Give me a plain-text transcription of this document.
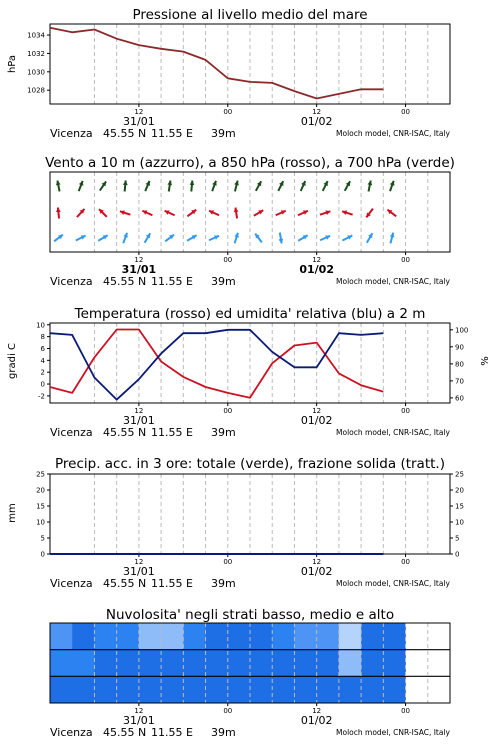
Pressione al livello medio del mare
12	00	12	00
31/01	01/02
Vicenza 45.55 N 11.55 E 39m	Moloch model, CNR-ISAC, Italy
1028
1030
1032
1034
hPa
Vento a 10 m (azzurro), a 850 hPa (rosso), a 700 hPa (verde)
12	00	12	00
31/01	01/02
Vicenza 45.55 N 11.55 E 39m	Moloch model, CNR-ISAC, Italy
Temperatura (rosso) ed umidita' relativa (blu) a 2 m
12	00	12	00
31/01	01/02
Vicenza 45.55 N 11.55 E 39m	Moloch model, CNR-ISAC, Italy
-2
0
2
4
6
8
10
60
70
80
90
100
gradi C	%
Precip. acc. in 3 ore: totale (verde), frazione solida (tratt.)
12	00	12	00
31/01	01/02
Vicenza 45.55 N 11.55 E 39m	Moloch model, CNR-ISAC, Italy
0
5
10
15
20
25
0
5
10
15
20
25
mm
Nuvolosita' negli strati basso, medio e alto
12	00	12	00
31/01	01/02
Vicenza 45.55 N 11.55 E 39m	Moloch model, CNR-ISAC, Italy
